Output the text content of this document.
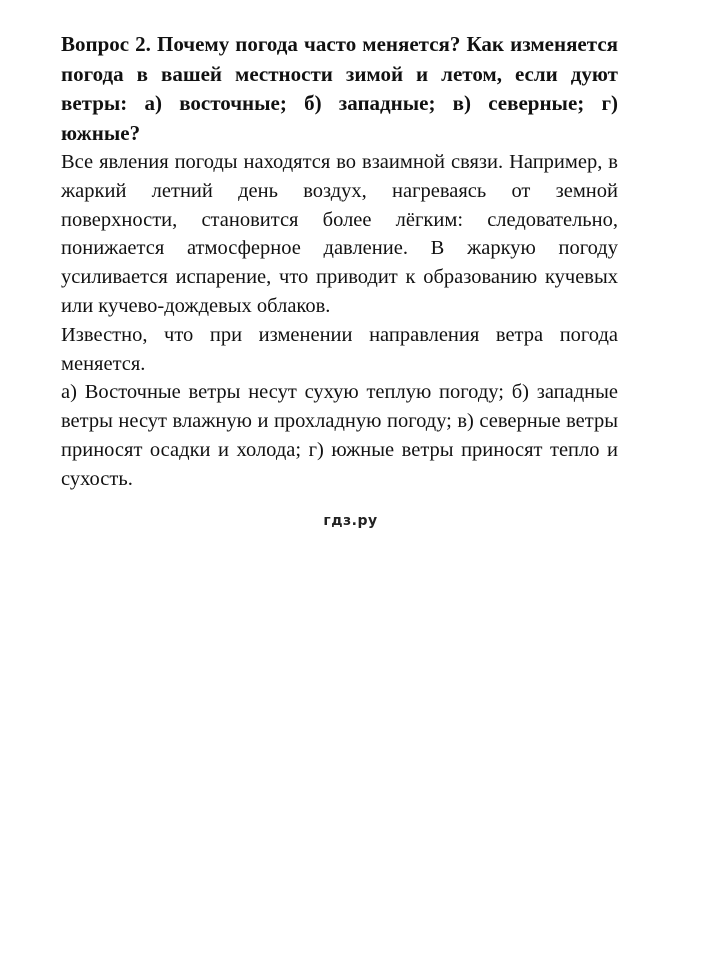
Вопрос 2. Почему погода часто меняется? Как изменяется погода в вашей местности зимой и летом, если дуют ветры: а) восточные; б) западные; в) северные; г) южные?

Все явления погоды находятся во взаимной связи. Например, в жаркий летний день воздух, нагреваясь от земной поверхности, становится более лёгким: следовательно, понижается атмосферное давление. В жаркую погоду усиливается испарение, что приводит к образованию кучевых или кучево-дождевых облаков.

Известно, что при изменении направления ветра погода меняется.

а) Восточные ветры несут сухую теплую погоду; б) западные ветры несут влажную и прохладную погоду; в) северные ветры приносят осадки и холода; г) южные ветры приносят тепло и сухость.

гдз.ру
